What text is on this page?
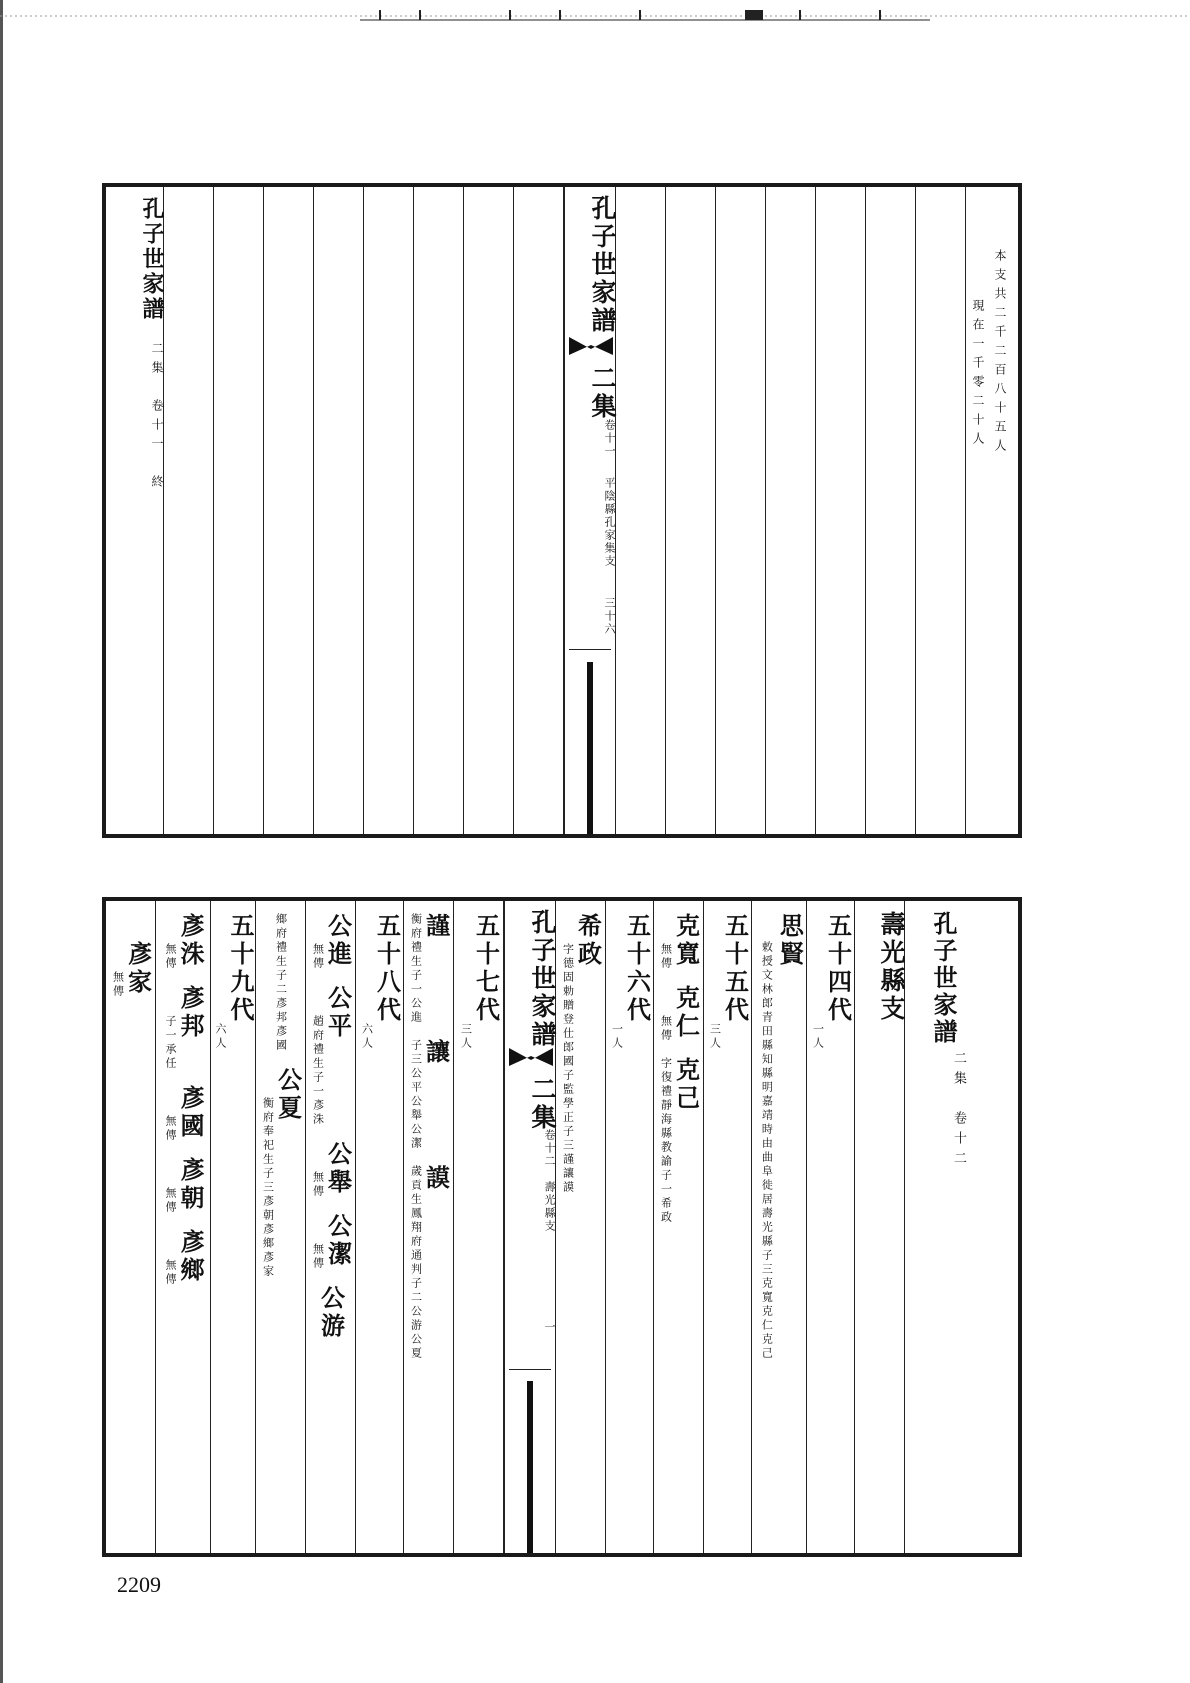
孔子世家譜
二集　卷十一　終
孔子世家譜
二集
卷十一
平陰縣孔家集支
三十六
本支共二千二百八十五人
現在一千零二十人
彥家
無傳
彥洙
無傳
彥邦
子一承任
彥國
無傳
彥朝
無傳
彥鄉
無傳
五十九代
六人	鄉府禮生子二彥邦彥國
公夏
衡府奉祀生子三彥朝彥鄉彥家
公進
無傳
公平
趙府禮生子一彥洙
公舉
無傳
公潔
無傳
公游
五十八代
六人
謹
衡府禮生子一公進
讓
子三公平公舉公潔
謨
歲貢生鳳翔府通判子二公游公夏
五十七代
三人	孔子世家譜
二集
卷十二
壽光縣支
一
希政
字德固勅贈登仕郎國子監學正子三謹讓謨 五十六代
一人
克寬
無傳
克仁
無傳
克己
字復禮靜海縣教諭子一希政
五十五代
三人
思賢
敕授文林郎青田縣知縣明嘉靖時由曲阜徙居壽光縣子三克寬克仁克己 五十四代
一人
壽光縣支 孔子世家譜
二集　卷十二
2209
